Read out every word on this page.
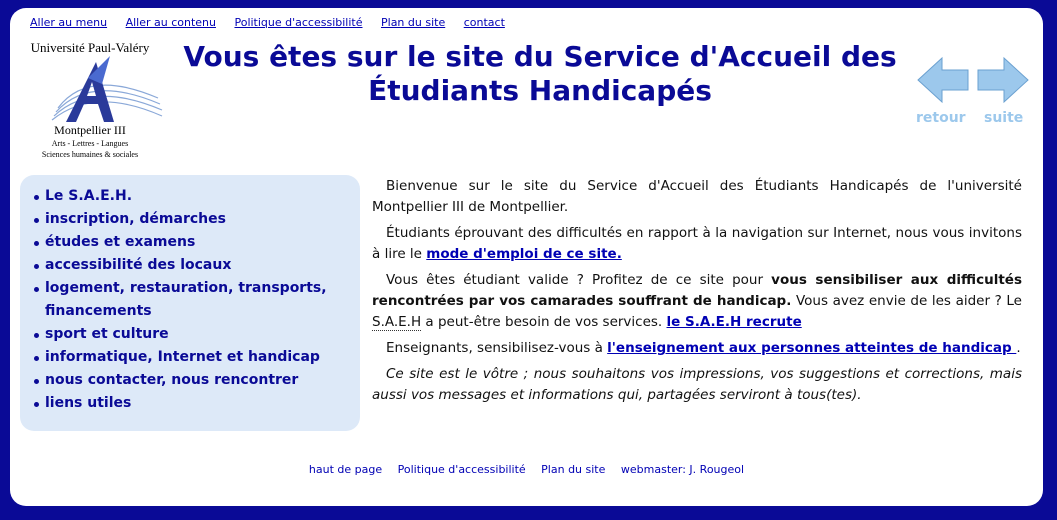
Aller au menu Aller au contenu Politique d'accessibilité Plan du site contact
Université Paul-Valéry
Montpellier III
Arts - Lettres - Langues
Sciences humaines & sociales
Vous êtes sur le site du Service d'Accueil des Étudiants Handicapés
retour suite
Le S.A.E.H.
inscription, démarches
études et examens
accessibilité des locaux
logement, restauration, transports, financements
sport et culture
informatique, Internet et handicap
nous contacter, nous rencontrer
liens utiles

Bienvenue sur le site du Service d'Accueil des Étudiants Handicapés de l'université Montpellier III de Montpellier.

Étudiants éprouvant des difficultés en rapport à la navigation sur Internet, nous vous invitons à lire le mode d'emploi de ce site.

Vous êtes étudiant valide ? Profitez de ce site pour vous sensibiliser aux difficultés rencontrées par vos camarades souffrant de handicap. Vous avez envie de les aider ? Le S.A.E.H a peut-être besoin de vos services. le S.A.E.H recrute

Enseignants, sensibilisez-vous à l'enseignement aux personnes atteintes de handicap .

Ce site est le vôtre ; nous souhaitons vos impressions, vos suggestions et corrections, mais aussi vos messages et informations qui, partagées serviront à tous(tes).

haut de page Politique d'accessibilité Plan du site webmaster: J. Rougeol
